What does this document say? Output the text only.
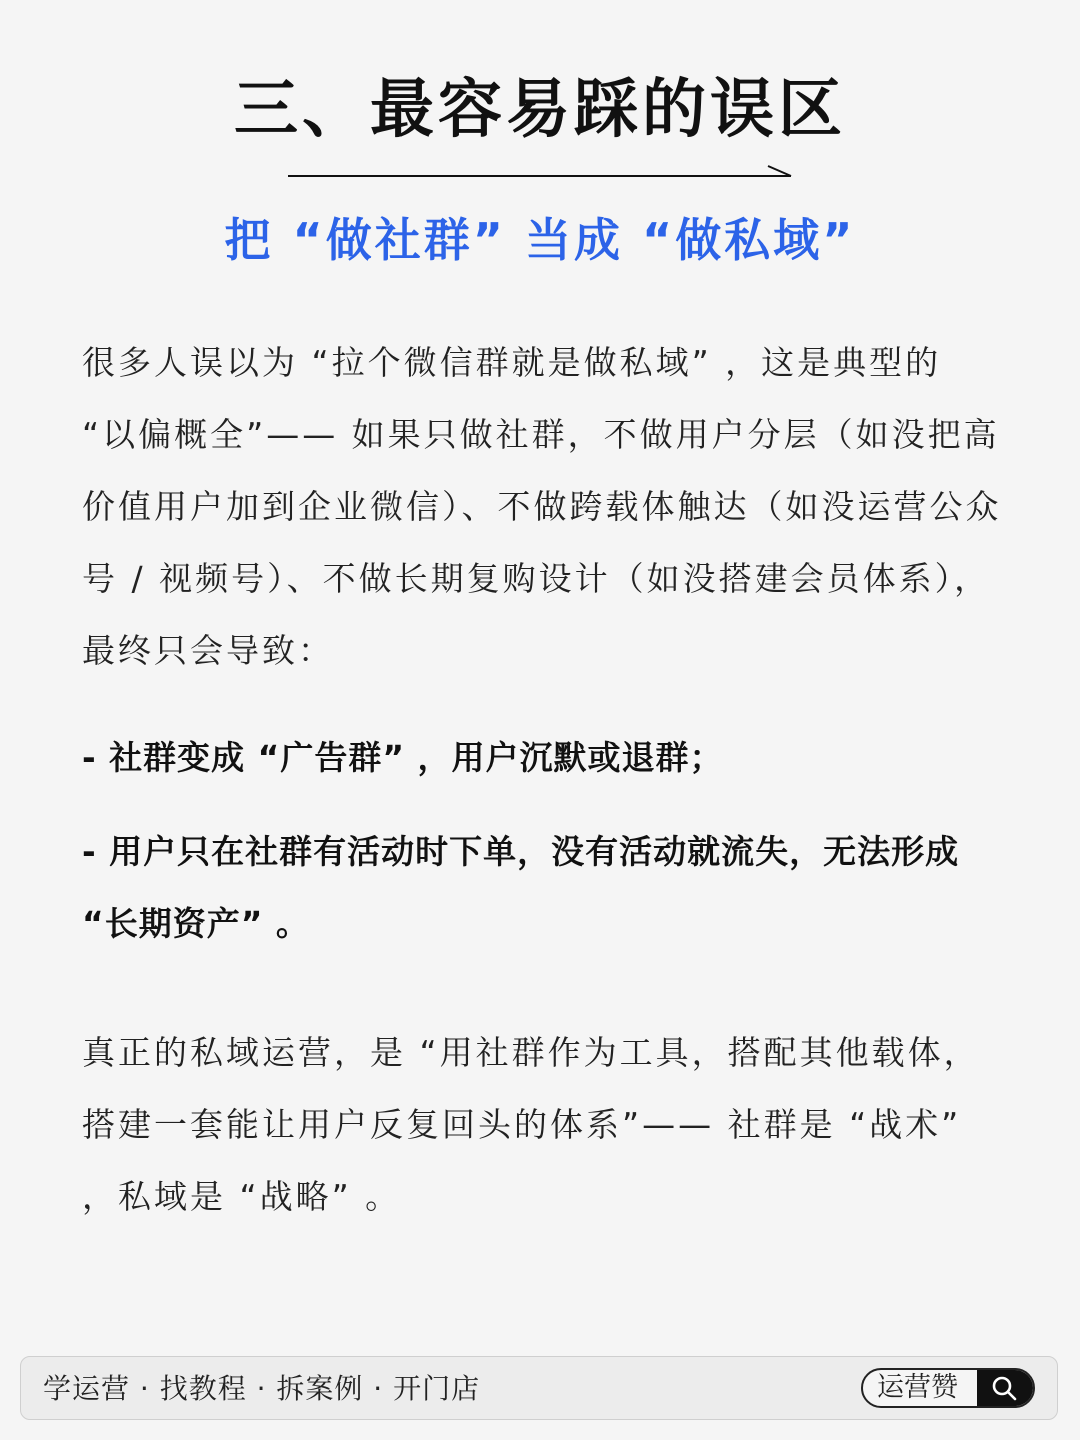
三、最容易踩的误区
把 “做社群” 当成 “做私域”
很多人误以为 “拉个微信群就是做私域” ，这是典型的 “以偏概全”—— 如果只做社群，不做用户分层（如没把高价值用户加到企业微信）、不做跨载体触达（如没运营公众号 / 视频号）、不做长期复购设计（如没搭建会员体系），最终只会导致：
- 社群变成 “广告群” ，用户沉默或退群；
- 用户只在社群有活动时下单，没有活动就流失，无法形成 “长期资产” 。
真正的私域运营，是 “用社群作为工具，搭配其他载体，搭建一套能让用户反复回头的体系”—— 社群是 “战术” ，私域是 “战略” 。
学运营 · 找教程 · 拆案例 · 开门店	运营赞
